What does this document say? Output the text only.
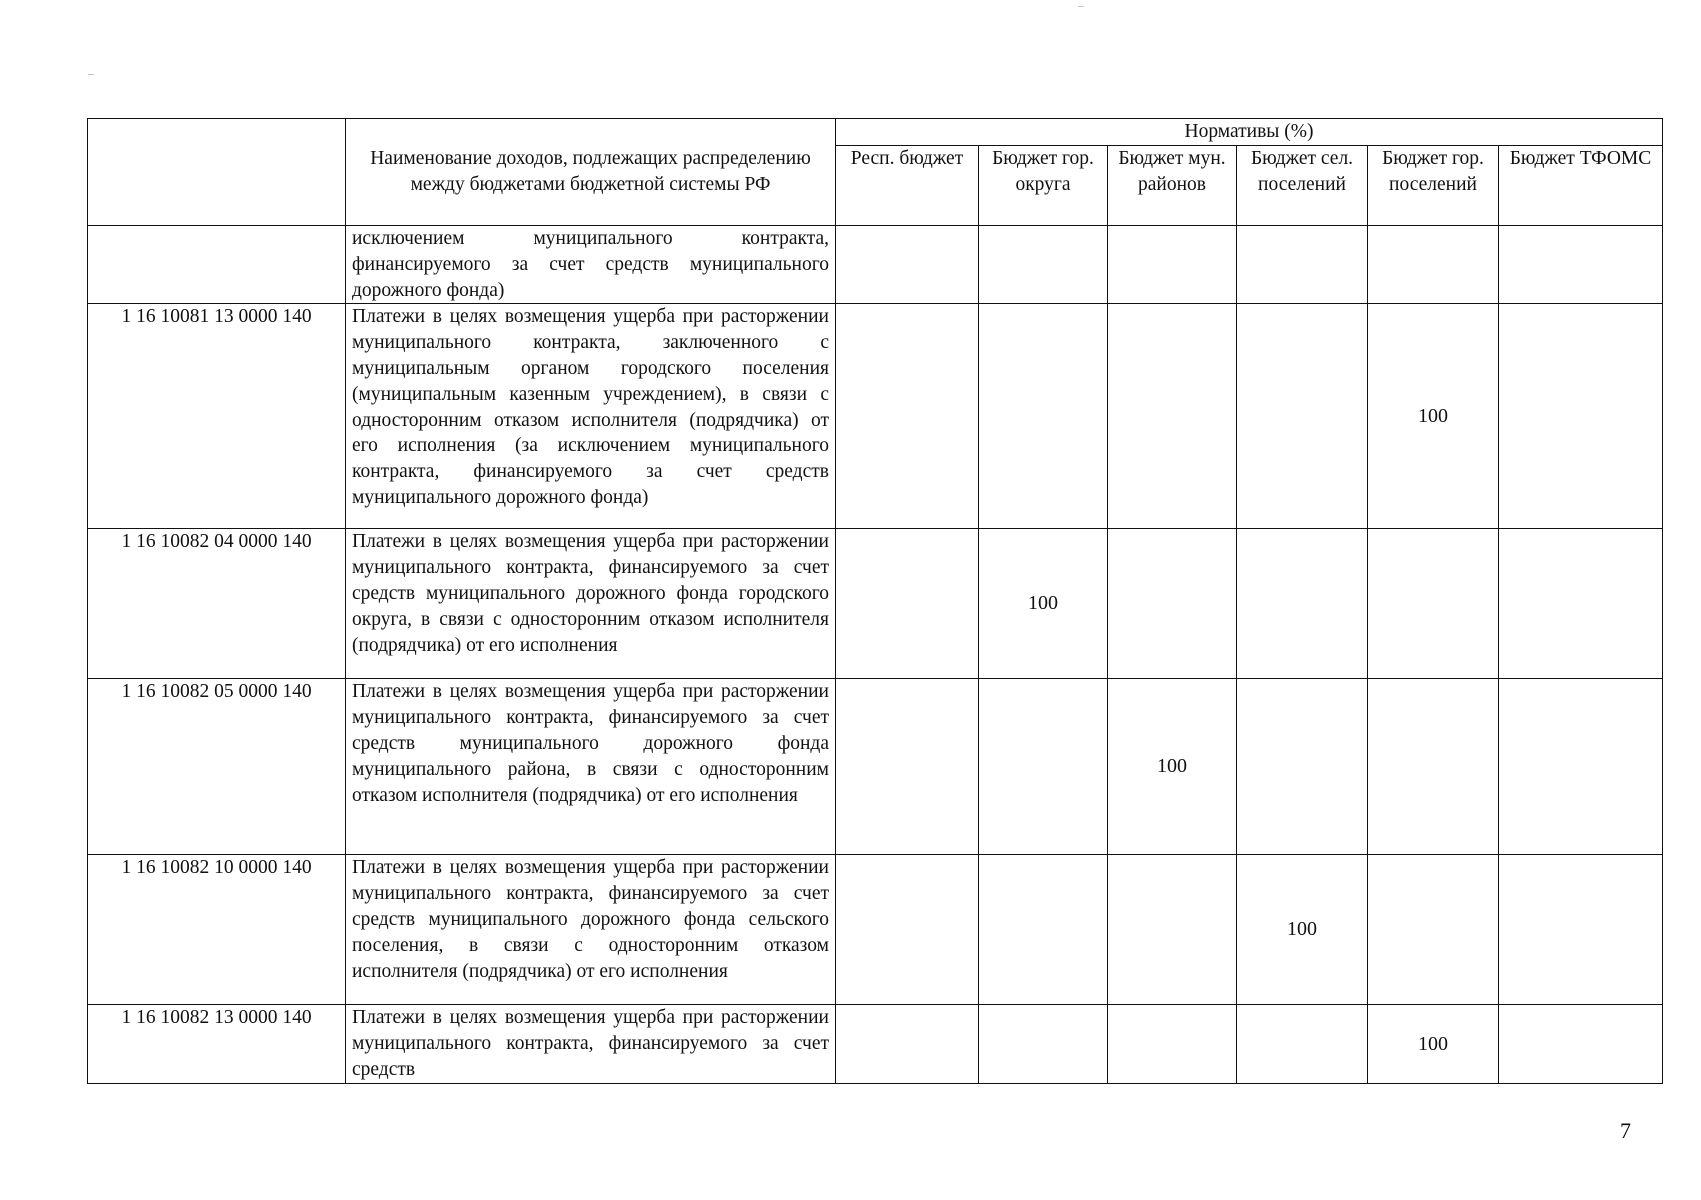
	Наименование доходов, подлежащих распределению между бюджетами бюджетной системы РФ	Нормативы (%)					
		Респ. бюджет	Бюджет гор. округа	Бюджет мун. районов	Бюджет сел. поселений	Бюджет гор. поселений	Бюджет ТФОМС
	исключением муниципального контракта, финансируемого за счет средств муниципального дорожного фонда)						
1 16 10081 13 0000 140	Платежи в целях возмещения ущерба при расторжении муниципального контракта, заключенного с муниципальным органом городского поселения (муниципальным казенным учреждением), в связи с односторонним отказом исполнителя (подрядчика) от его исполнения (за исключением муниципального контракта, финансируемого за счет средств муниципального дорожного фонда)					100	
1 16 10082 04 0000 140	Платежи в целях возмещения ущерба при расторжении муниципального контракта, финансируемого за счет средств муниципального дорожного фонда городского округа, в связи с односторонним отказом исполнителя (подрядчика) от его исполнения		100				
1 16 10082 05 0000 140	Платежи в целях возмещения ущерба при расторжении муниципального контракта, финансируемого за счет средств муниципального дорожного фонда муниципального района, в связи с односторонним отказом исполнителя (подрядчика) от его исполнения			100			
1 16 10082 10 0000 140	Платежи в целях возмещения ущерба при расторжении муниципального контракта, финансируемого за счет средств муниципального дорожного фонда сельского поселения, в связи с односторонним отказом исполнителя (подрядчика) от его исполнения				100		
1 16 10082 13 0000 140	Платежи в целях возмещения ущерба при расторжении муниципального контракта, финансируемого за счет средств					100	
7
